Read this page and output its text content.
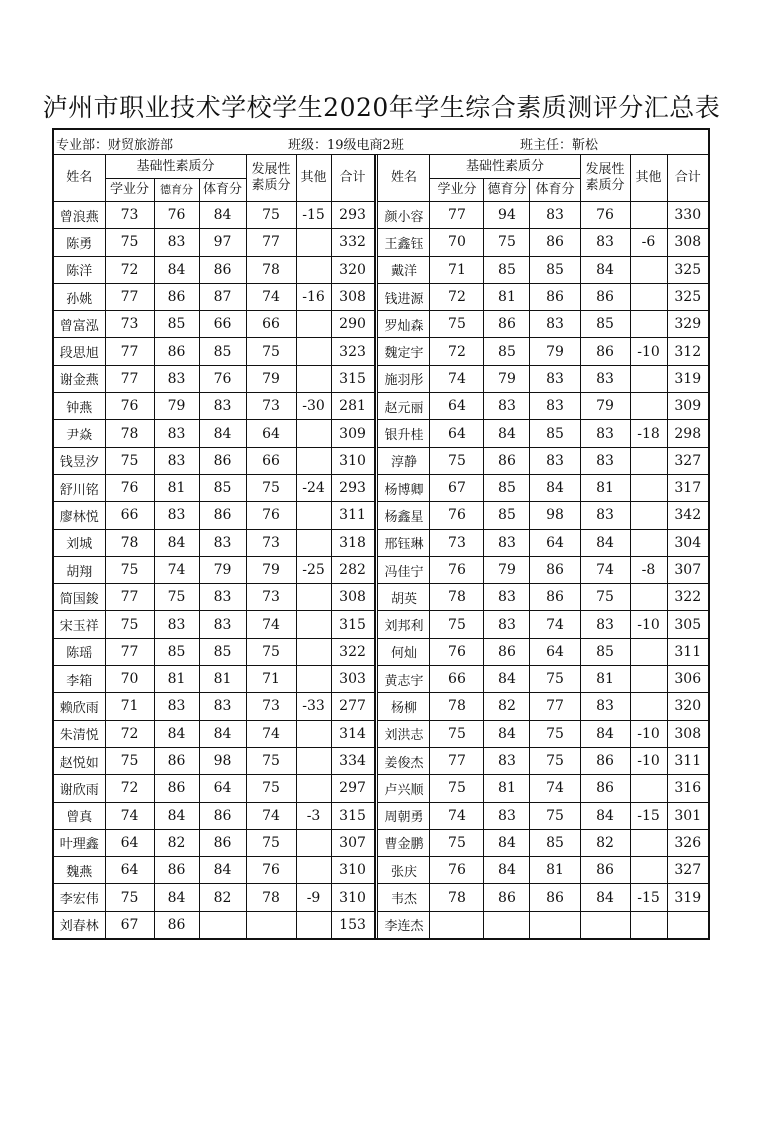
泸州市职业技术学校学生2020年学生综合素质测评分汇总表
专业部：财贸旅游部	班级：19级电商2班	班主任：靳松
姓名	基础性素质分			发展性素质分	其他	合计
	学业分	德育分	体育分			
曾浪燕	73	76	84	75	-15	293
陈勇	75	83	97	77		332
陈洋	72	84	86	78		320
孙姚	77	86	87	74	-16	308
曾富泓	73	85	66	66		290
段思旭	77	86	85	75		323
谢金燕	77	83	76	79		315
钟燕	76	79	83	73	-30	281
尹焱	78	83	84	64		309
钱昱汐	75	83	86	66		310
舒川铭	76	81	85	75	-24	293
廖林悦	66	83	86	76		311
刘城	78	84	83	73		318
胡翔	75	74	79	79	-25	282
简国鋑	77	75	83	73		308
宋玉祥	75	83	83	74		315
陈瑶	77	85	85	75		322
李箱	70	81	81	71		303
赖欣雨	71	83	83	73	-33	277
朱清悦	72	84	84	74		314
赵悦如	75	86	98	75		334
谢欣雨	72	86	64	75		297
曾真	74	84	86	74	-3	315
叶理鑫	64	82	86	75		307
魏燕	64	86	84	76		310
李宏伟	75	84	82	78	-9	310
刘春林	67	86				153
姓名	基础性素质分			发展性素质分	其他	合计
	学业分	德育分	体育分			
颜小容	77	94	83	76		330
王鑫钰	70	75	86	83	-6	308
戴洋	71	85	85	84		325
钱进源	72	81	86	86		325
罗灿森	75	86	83	85		329
魏定宇	72	85	79	86	-10	312
施羽彤	74	79	83	83		319
赵元丽	64	83	83	79		309
银升桂	64	84	85	83	-18	298
淳静	75	86	83	83		327
杨博卿	67	85	84	81		317
杨鑫星	76	85	98	83		342
邢钰琳	73	83	64	84		304
冯佳宁	76	79	86	74	-8	307
胡英	78	83	86	75		322
刘邦利	75	83	74	83	-10	305
何灿	76	86	64	85		311
黄志宇	66	84	75	81		306
杨柳	78	82	77	83		320
刘洪志	75	84	75	84	-10	308
姜俊杰	77	83	75	86	-10	311
卢兴顺	75	81	74	86		316
周朝勇	74	83	75	84	-15	301
曹金鹏	75	84	85	82		326
张庆	76	84	81	86		327
韦杰	78	86	86	84	-15	319
李连杰						
